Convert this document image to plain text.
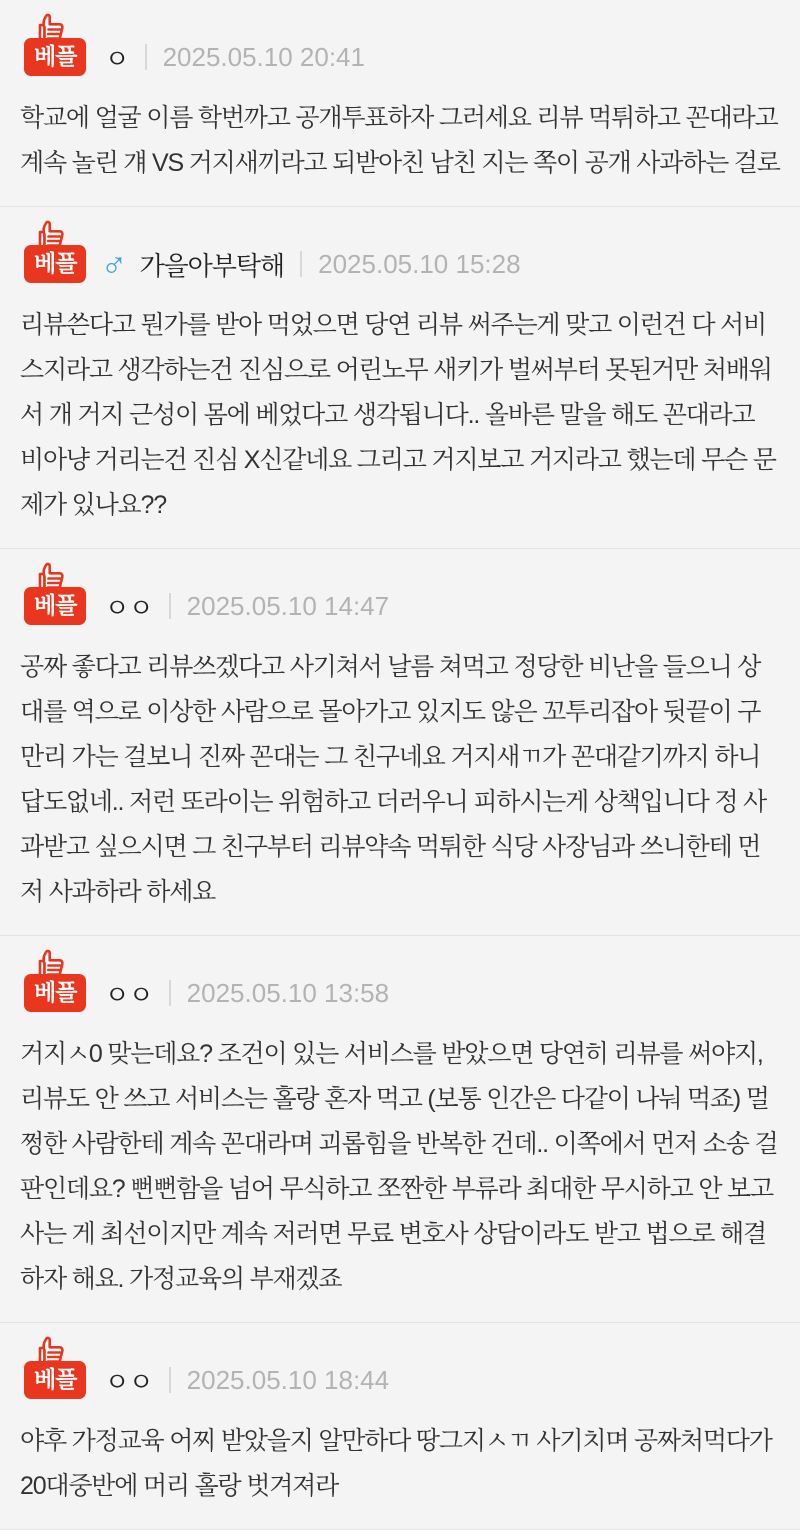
베플	ㅇ 2025.05.10 20:41

학교에 얼굴 이름 학번까고 공개투표하자 그러세요 리뷰 먹튀하고 꼰대라고 계속 놀린 걔 VS 거지새끼라고 되받아친 남친 지는 쪽이 공개 사과하는 걸로

베플 ♂ 가을아부탁해 2025.05.10 15:28

리뷰쓴다고 뭔가를 받아 먹었으면 당연 리뷰 써주는게 맞고 이런건 다 서비스지라고 생각하는건 진심으로 어린노무 새키가 벌써부터 못된거만 처배워서 개 거지 근성이 몸에 베었다고 생각됩니다.. 올바른 말을 해도 꼰대라고 비아냥 거리는건 진심 X신같네요 그리고 거지보고 거지라고 했는데 무슨 문제가 있나요??

베플	ㅇㅇ 2025.05.10 14:47

공짜 좋다고 리뷰쓰겠다고 사기쳐서 날름 쳐먹고 정당한 비난을 들으니 상대를 역으로 이상한 사람으로 몰아가고 있지도 않은 꼬투리잡아 뒷끝이 구만리 가는 걸보니 진짜 꼰대는 그 친구네요 거지새ㄲ가 꼰대같기까지 하니 답도없네.. 저런 또라이는 위험하고 더러우니 피하시는게 상책입니다 정 사과받고 싶으시면 그 친구부터 리뷰약속 먹튀한 식당 사장님과 쓰니한테 먼저 사과하라 하세요

베플	ㅇㅇ 2025.05.10 13:58

거지ㅅ0 맞는데요? 조건이 있는 서비스를 받았으면 당연히 리뷰를 써야지, 리뷰도 안 쓰고 서비스는 홀랑 혼자 먹고 (보통 인간은 다같이 나눠 먹죠) 멀쩡한 사람한테 계속 꼰대라며 괴롭힘을 반복한 건데.. 이쪽에서 먼저 소송 걸 판인데요? 뻔뻔함을 넘어 무식하고 쪼짠한 부류라 최대한 무시하고 안 보고 사는 게 최선이지만 계속 저러면 무료 변호사 상담이라도 받고 법으로 해결하자 해요. 가정교육의 부재겠죠

베플	ㅇㅇ 2025.05.10 18:44

야후 가정교육 어찌 받았을지 알만하다 땅그지ㅅㄲ 사기치며 공짜처먹다가 20대중반에 머리 홀랑 벗겨져라
